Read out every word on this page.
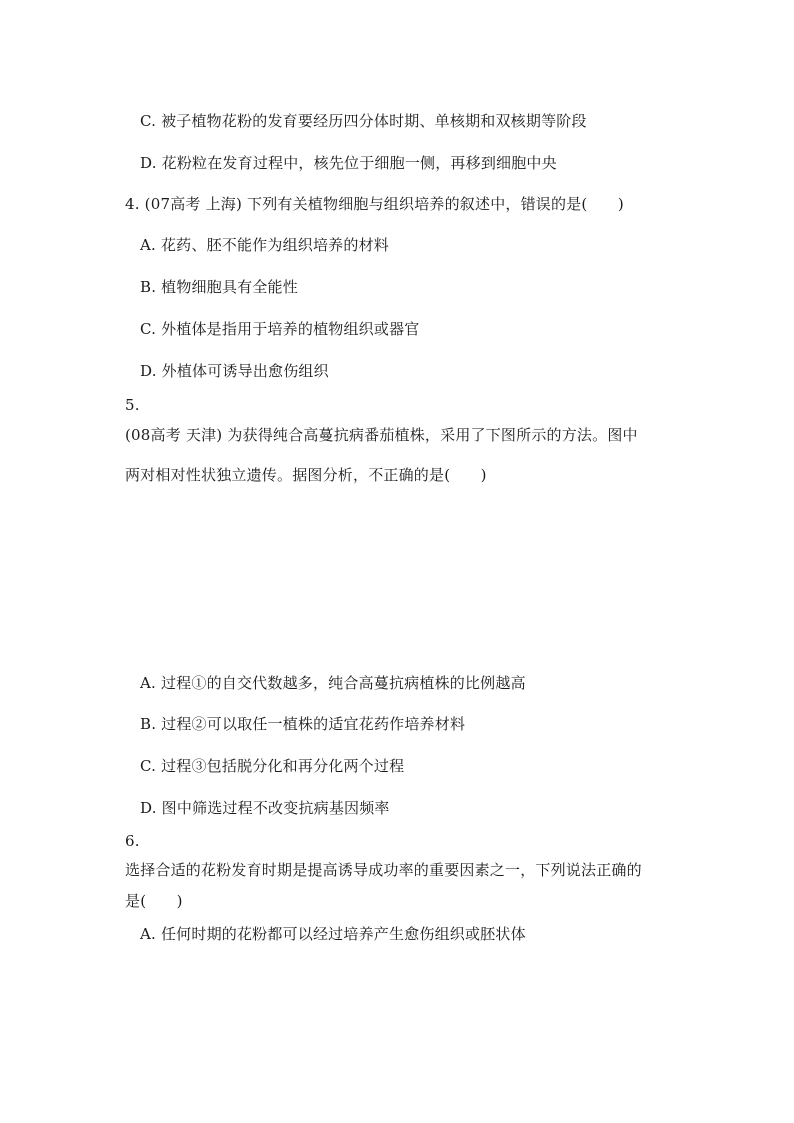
C. 被子植物花粉的发育要经历四分体时期、单核期和双核期等阶段
D. 花粉粒在发育过程中，核先位于细胞一侧，再移到细胞中央
4. (07高考 上海) 下列有关植物细胞与组织培养的叙述中，错误的是(　　)
A. 花药、胚不能作为组织培养的材料
B. 植物细胞具有全能性
C. 外植体是指用于培养的植物组织或器官
D. 外植体可诱导出愈伤组织
5.
(08高考 天津) 为获得纯合高蔓抗病番茄植株，采用了下图所示的方法。图中
两对相对性状独立遗传。据图分析，不正确的是(　　)
A. 过程①的自交代数越多，纯合高蔓抗病植株的比例越高
B. 过程②可以取任一植株的适宜花药作培养材料
C. 过程③包括脱分化和再分化两个过程
D. 图中筛选过程不改变抗病基因频率
6.
选择合适的花粉发育时期是提高诱导成功率的重要因素之一，下列说法正确的
是(　　)
A. 任何时期的花粉都可以经过培养产生愈伤组织或胚状体
